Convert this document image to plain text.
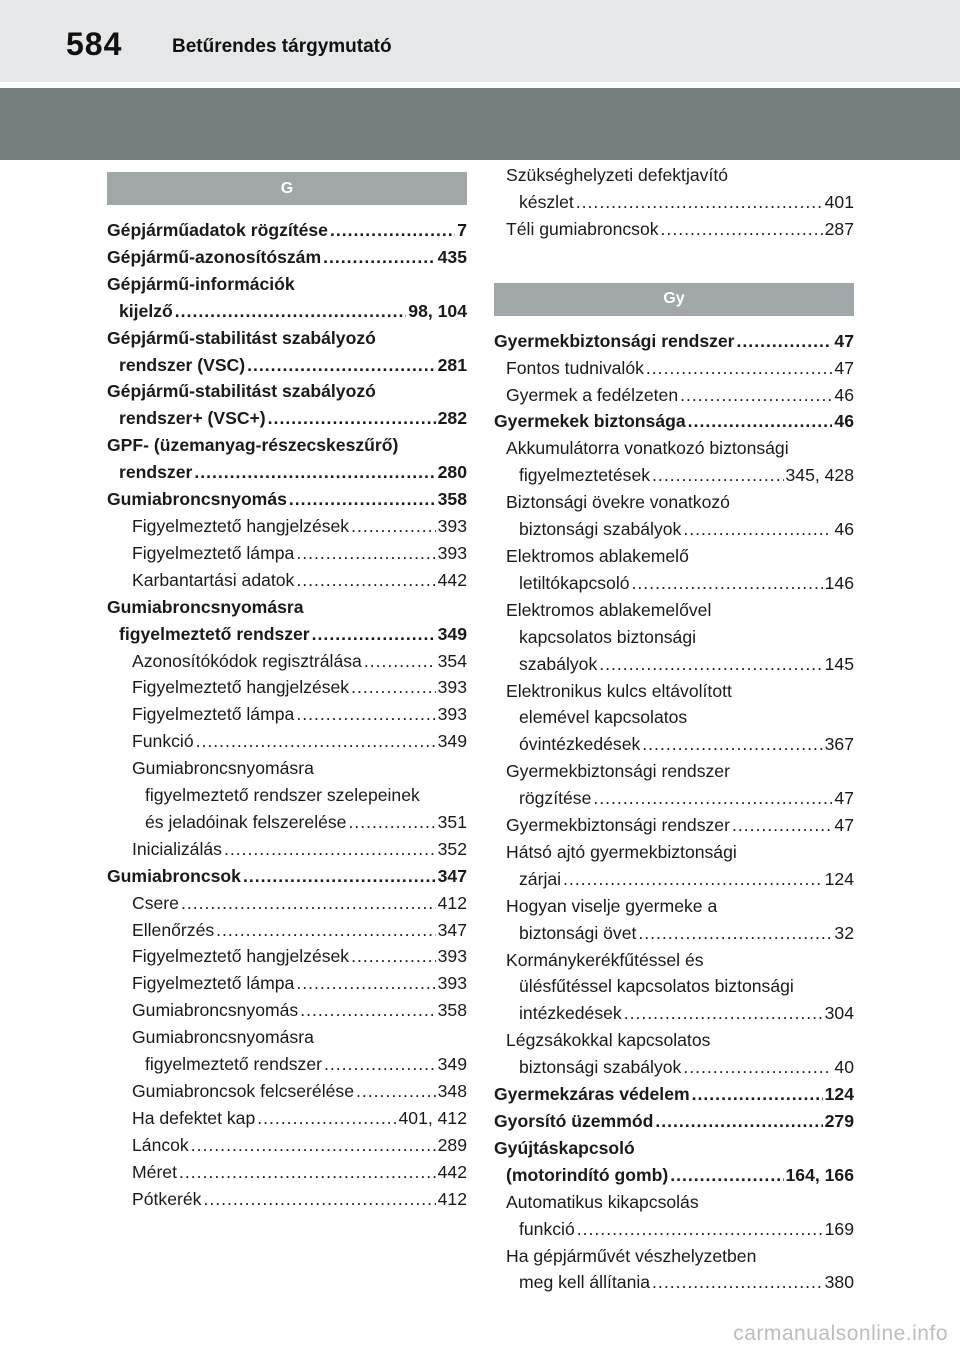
584	Betűrendes tárgymutató
G
Gépjárműadatok rögzítése .....	7
Gépjármű-azonosítószám .....	435
Gépjármű-információk
kijelző .....	98, 104
Gépjármű-stabilitást szabályozó
rendszer (VSC) .....	281
Gépjármű-stabilitást szabályozó
rendszer+ (VSC+) .....	282
GPF- (üzemanyag-részecskeszűrő)
rendszer .....	280
Gumiabroncsnyomás .....	358
Figyelmeztető hangjelzések .....	393
Figyelmeztető lámpa .....	393
Karbantartási adatok .....	442
Gumiabroncsnyomásra
figyelmeztető rendszer .....	349
Azonosítókódok regisztrálása .....	354
Figyelmeztető hangjelzések .....	393
Figyelmeztető lámpa .....	393
Funkció .....	349
Gumiabroncsnyomásra
figyelmeztető rendszer szelepeinek
és jeladóinak felszerelése .....	351
Inicializálás .....	352
Gumiabroncsok .....	347
Csere .....	412
Ellenőrzés .....	347
Figyelmeztető hangjelzések .....	393
Figyelmeztető lámpa .....	393
Gumiabroncsnyomás .....	358
Gumiabroncsnyomásra
figyelmeztető rendszer .....	349
Gumiabroncsok felcserélése .....	348
Ha defektet kap .....	401, 412
Láncok .....	289
Méret .....	442
Pótkerék .....	412
Szükséghelyzeti defektjavító
készlet .....	401
Téli gumiabroncsok .....	287
Gy
Gyermekbiztonsági rendszer .....	47
Fontos tudnivalók .....	47
Gyermek a fedélzeten .....	46
Gyermekek biztonsága .....	46
Akkumulátorra vonatkozó biztonsági
figyelmeztetések .....	345, 428
Biztonsági övekre vonatkozó
biztonsági szabályok .....	46
Elektromos ablakemelő
letiltókapcsoló .....	146
Elektromos ablakemelővel
kapcsolatos biztonsági
szabályok .....	145
Elektronikus kulcs eltávolított
elemével kapcsolatos
óvintézkedések .....	367
Gyermekbiztonsági rendszer
rögzítése .....	47
Gyermekbiztonsági rendszer .....	47
Hátsó ajtó gyermekbiztonsági
zárjai .....	124
Hogyan viselje gyermeke a
biztonsági övet .....	32
Kormánykerékfűtéssel és
ülésfűtéssel kapcsolatos biztonsági
intézkedések .....	304
Légzsákokkal kapcsolatos
biztonsági szabályok .....	40
Gyermekzáras védelem .....	124
Gyorsító üzemmód .....	279
Gyújtáskapcsoló
(motorindító gomb) .....	164, 166
Automatikus kikapcsolás
funkció .....	169
Ha gépjárművét vészhelyzetben
meg kell állítania .....	380
carmanualsonline.info
